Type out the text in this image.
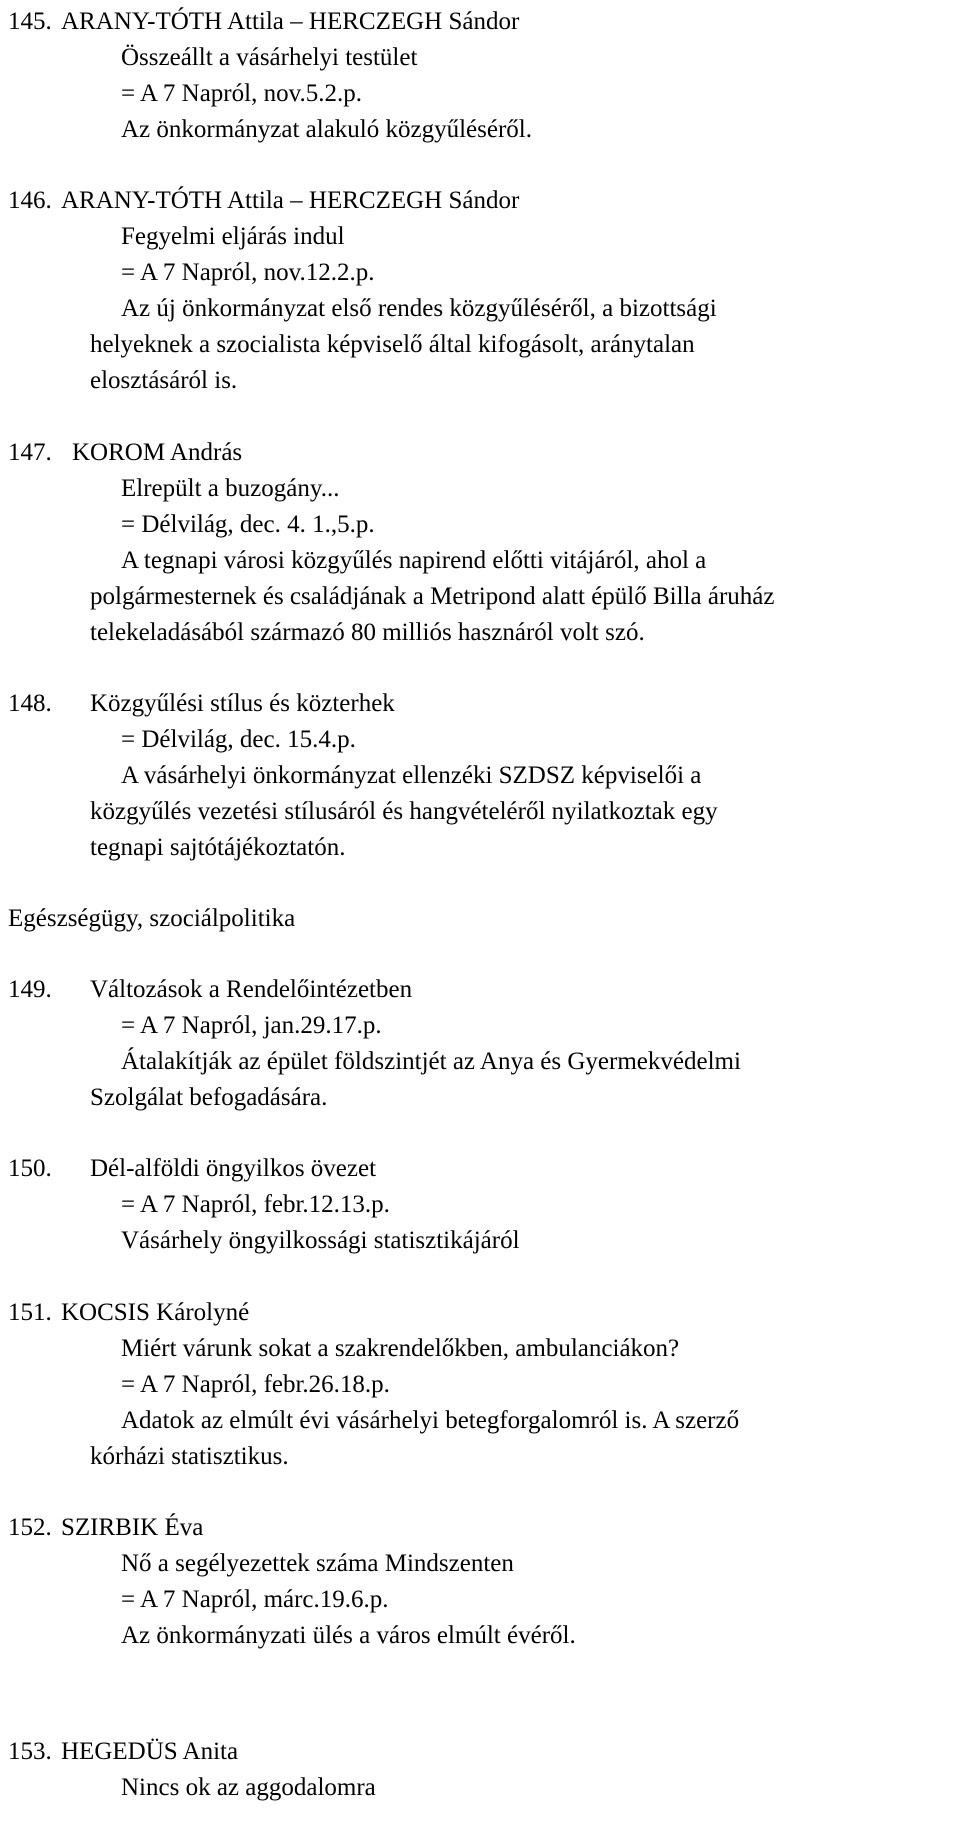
145. ARANY-TÓTH Attila – HERCZEGH Sándor
Összeállt a vásárhelyi testület
= A 7 Napról, nov.5.2.p.
Az önkormányzat alakuló közgyűléséről.
146. ARANY-TÓTH Attila – HERCZEGH Sándor
Fegyelmi eljárás indul
= A 7 Napról, nov.12.2.p.
Az új önkormányzat első rendes közgyűléséről, a bizottsági
helyeknek a szocialista képviselő által kifogásolt, aránytalan
elosztásáról is.
147. KOROM András
Elrepült a buzogány...
= Délvilág, dec. 4. 1.,5.p.
A tegnapi városi közgyűlés napirend előtti vitájáról, ahol a
polgármesternek és családjának a Metripond alatt épülő Billa áruház
telekeladásából származó 80 milliós hasznáról volt szó.
148. Közgyűlési stílus és közterhek
= Délvilág, dec. 15.4.p.
A vásárhelyi önkormányzat ellenzéki SZDSZ képviselői a
közgyűlés vezetési stílusáról és hangvételéről nyilatkoztak egy
tegnapi sajtótájékoztatón.
Egészségügy, szociálpolitika
149. Változások a Rendelőintézetben
= A 7 Napról, jan.29.17.p.
Átalakítják az épület földszintjét az Anya és Gyermekvédelmi
Szolgálat befogadására.
150. Dél-alföldi öngyilkos övezet
= A 7 Napról, febr.12.13.p.
Vásárhely öngyilkossági statisztikájáról
151. KOCSIS Károlyné
Miért várunk sokat a szakrendelőkben, ambulanciákon?
= A 7 Napról, febr.26.18.p.
Adatok az elmúlt évi vásárhelyi betegforgalomról is. A szerző
kórházi statisztikus.
152. SZIRBIK Éva
Nő a segélyezettek száma Mindszenten
= A 7 Napról, márc.19.6.p.
Az önkormányzati ülés a város elmúlt évéről.
153. HEGEDÜS Anita
Nincs ok az aggodalomra
